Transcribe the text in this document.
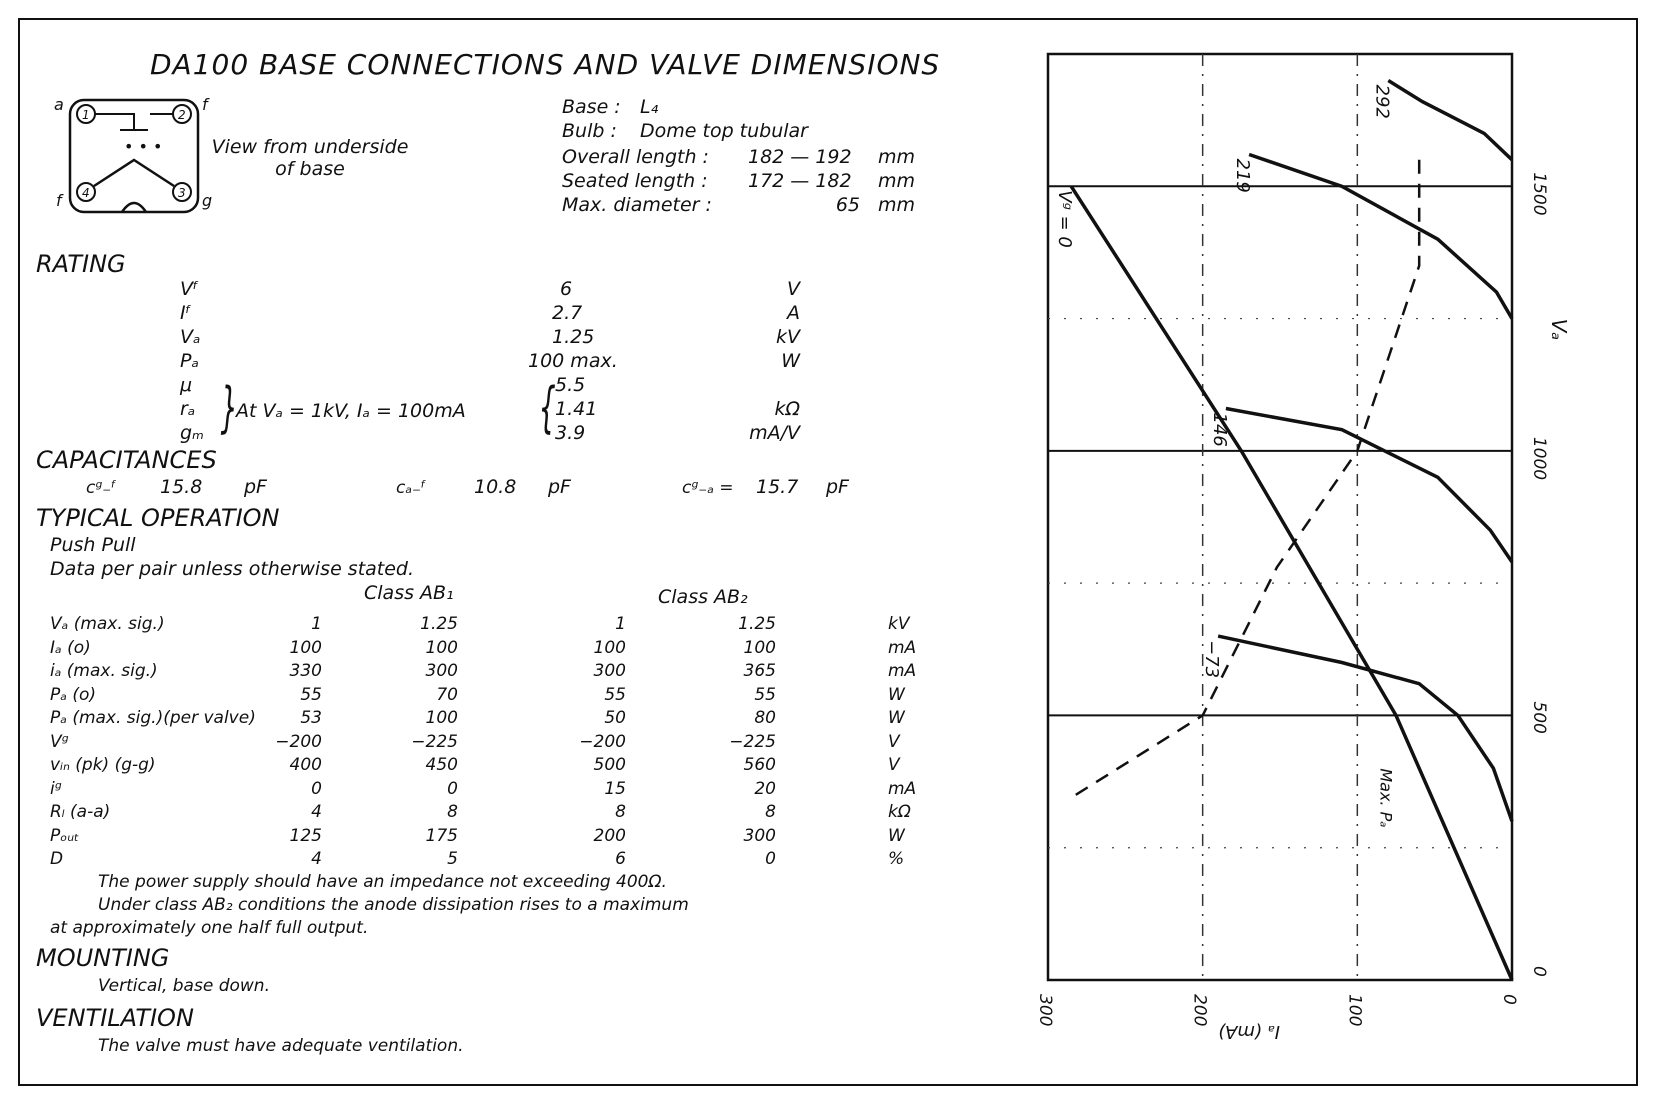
DA100 BASE CONNECTIONS AND VALVE DIMENSIONS
1	2
3
4
• • •
a	f
f	g
View from underside
of base
Base : L₄
Bulb : Dome top tubular
Overall length : 182 — 192 mm
Seated length : 172 — 182 mm
Max. diameter :	65 mm
RATING
Vᶠ	6	V
Iᶠ	2.7	A
Vₐ	1.25	kV
Pₐ	100 max.	W
μ	5.5
rₐ	1.41	kΩ
gₘ	3.9	mA/V
}	{
At Vₐ = 1kV, Iₐ = 100mA
CAPACITANCES
cᵍ₋ᶠ 15.8 pF	cₐ₋ᶠ	10.8 pF	cᵍ₋ₐ = 15.7 pF
TYPICAL OPERATION
Push Pull
Data per pair unless otherwise stated.
Class AB₁	Class AB₂
Vₐ (max. sig.)	1	1.25	1	1.25	kV
Iₐ (o)	100	100	100	100	mA
iₐ (max. sig.)	330	300	300	365	mA
Pₐ (o)	55	70	55	55	W
Pₐ (max. sig.)(per valve)	53	100	50	80	W
Vᵍ	−200	−225	−200	−225	V
vᵢₙ (pk) (g-g)	400	450	500	560	V
iᵍ	0	0	15	20	mA
Rₗ (a-a)	4	8	8	8	kΩ
Pₒᵤₜ	125	175	200	300	W
D	4	5	6	0	%
The power supply should have an impedance not exceeding 400Ω.
Under class AB₂ conditions the anode dissipation rises to a maximum
at approximately one half full output.
MOUNTING
Vertical, base down.
VENTILATION
The valve must have adequate ventilation.
Vᵍ = 0
−73
146
219
292
0
500
1000
1500
0
100
200
300
Vₐ
Iₐ (mA)
Max. Pₐ
